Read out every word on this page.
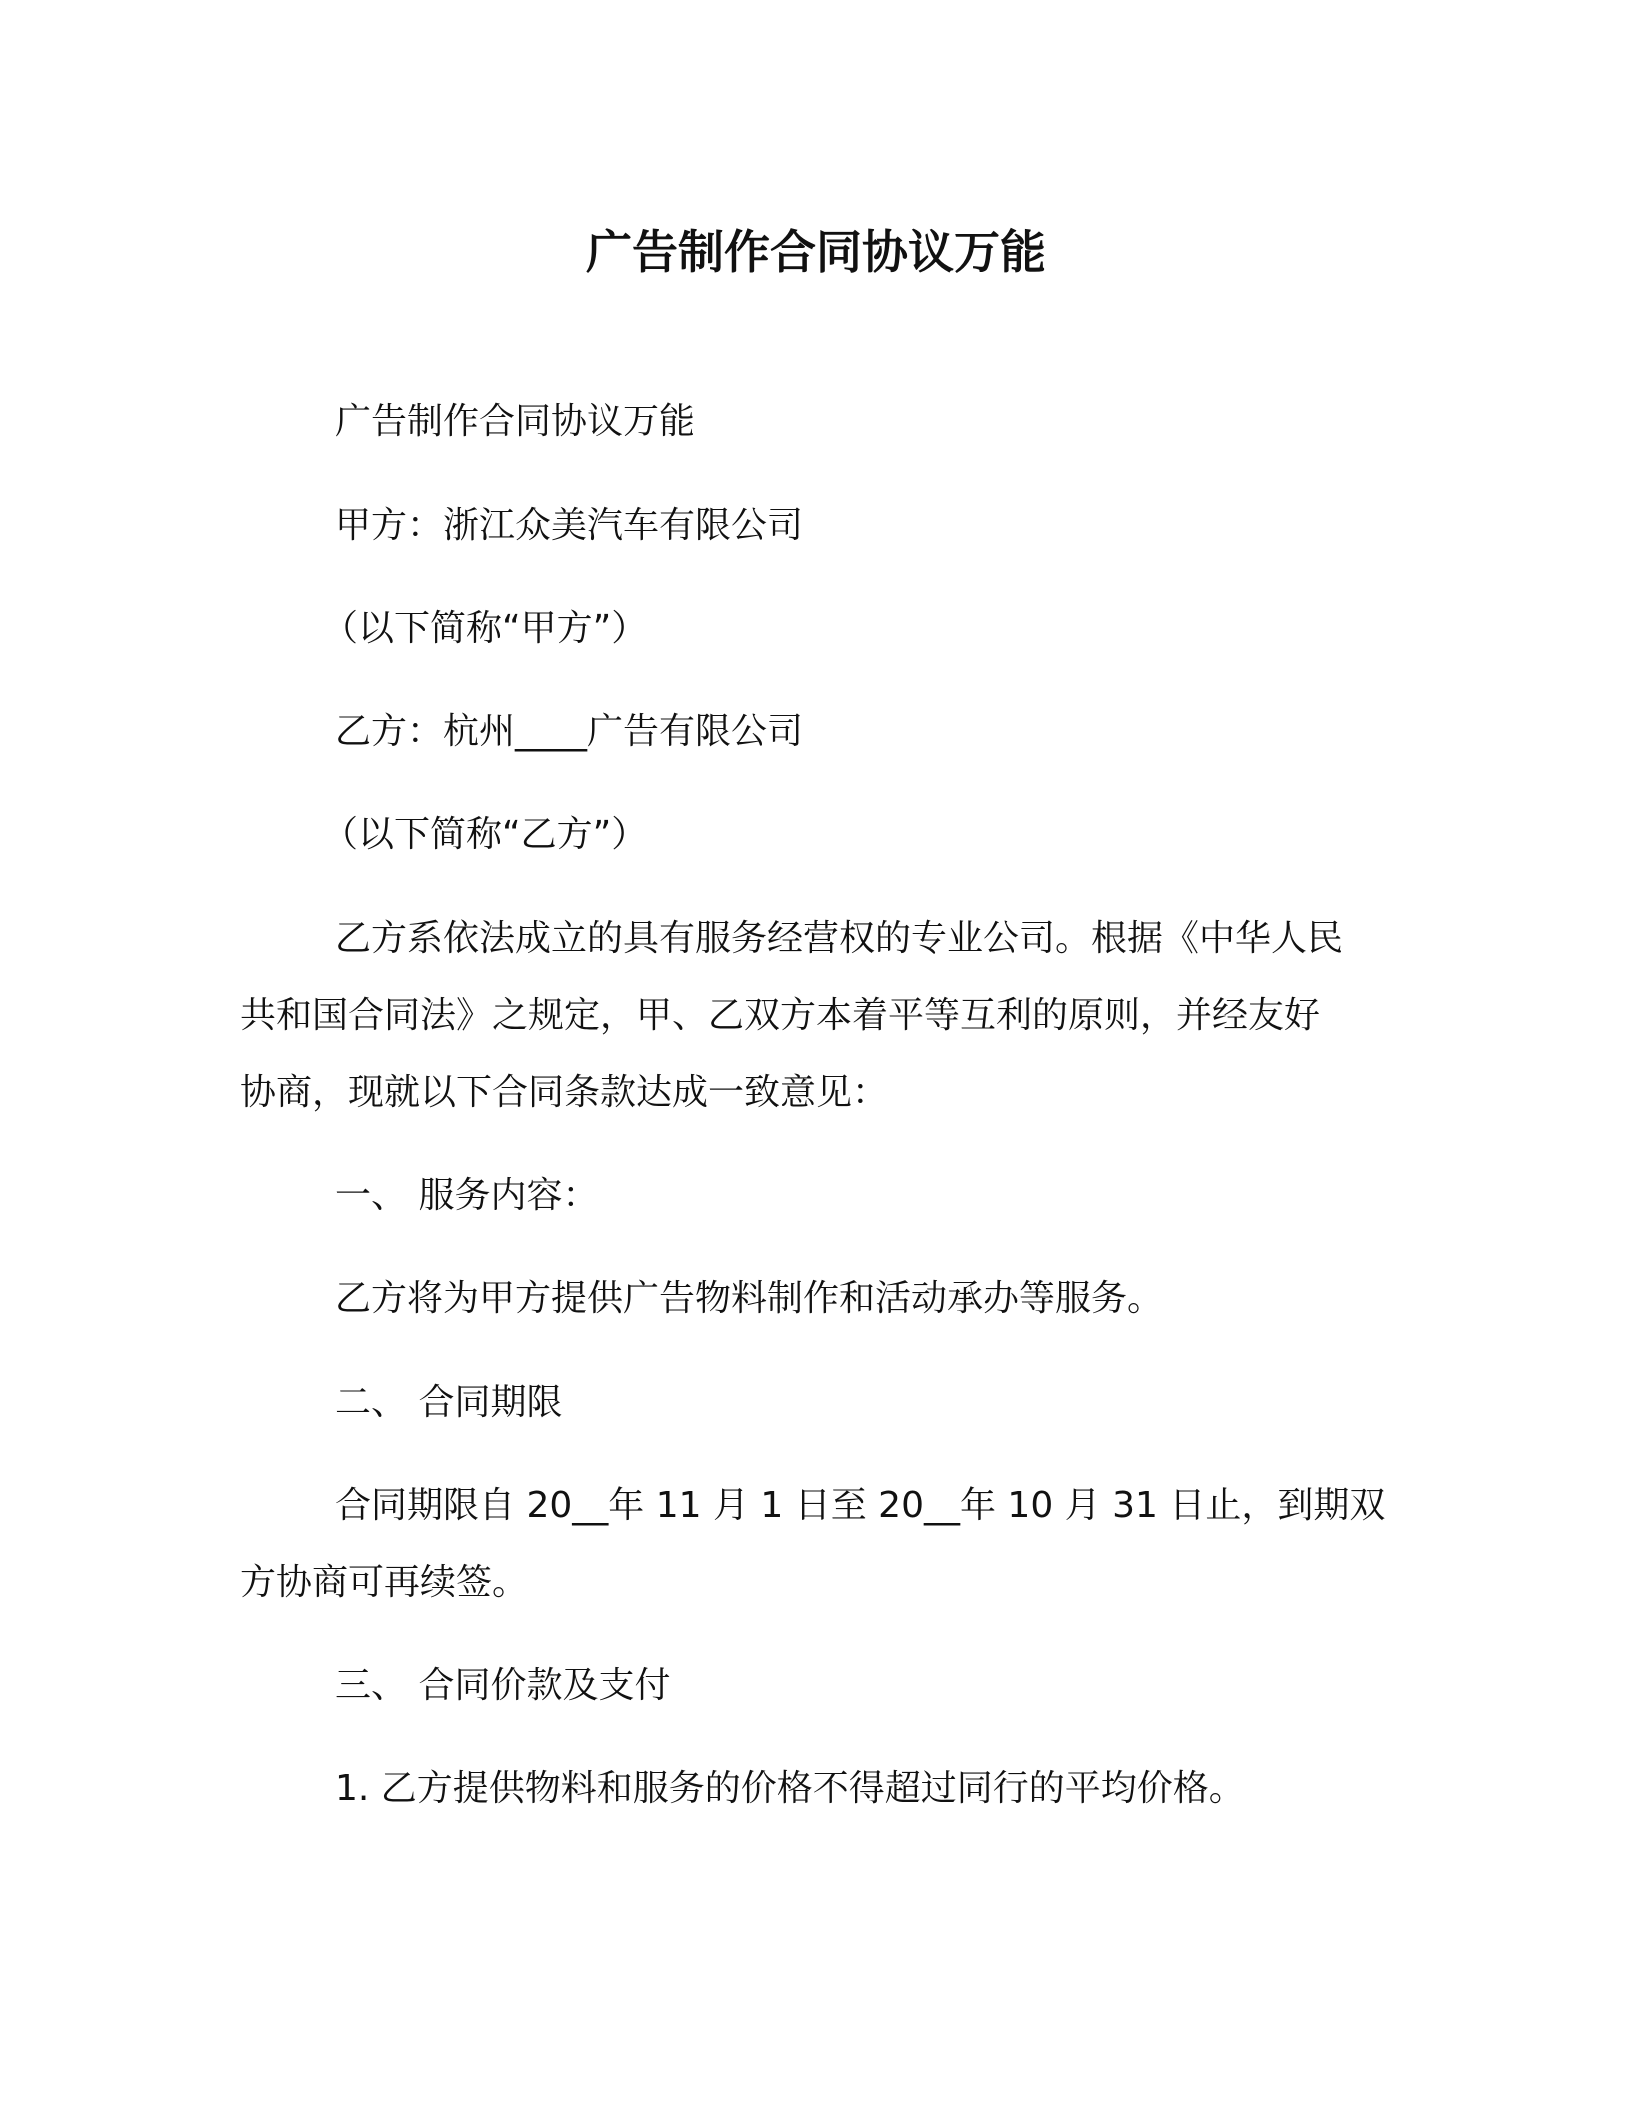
广告制作合同协议万能
广告制作合同协议万能
甲方：浙江众美汽车有限公司
（以下简称“甲方”）
乙方：杭州____广告有限公司
（以下简称“乙方”）
乙方系依法成立的具有服务经营权的专业公司。根据《中华人民
共和国合同法》之规定，甲、乙双方本着平等互利的原则，并经友好
协商，现就以下合同条款达成一致意见：
一、 服务内容：
乙方将为甲方提供广告物料制作和活动承办等服务。
二、 合同期限
合同期限自 20__年 11 月 1 日至 20__年 10 月 31 日止，到期双
方协商可再续签。
三、 合同价款及支付
1. 乙方提供物料和服务的价格不得超过同行的平均价格。
